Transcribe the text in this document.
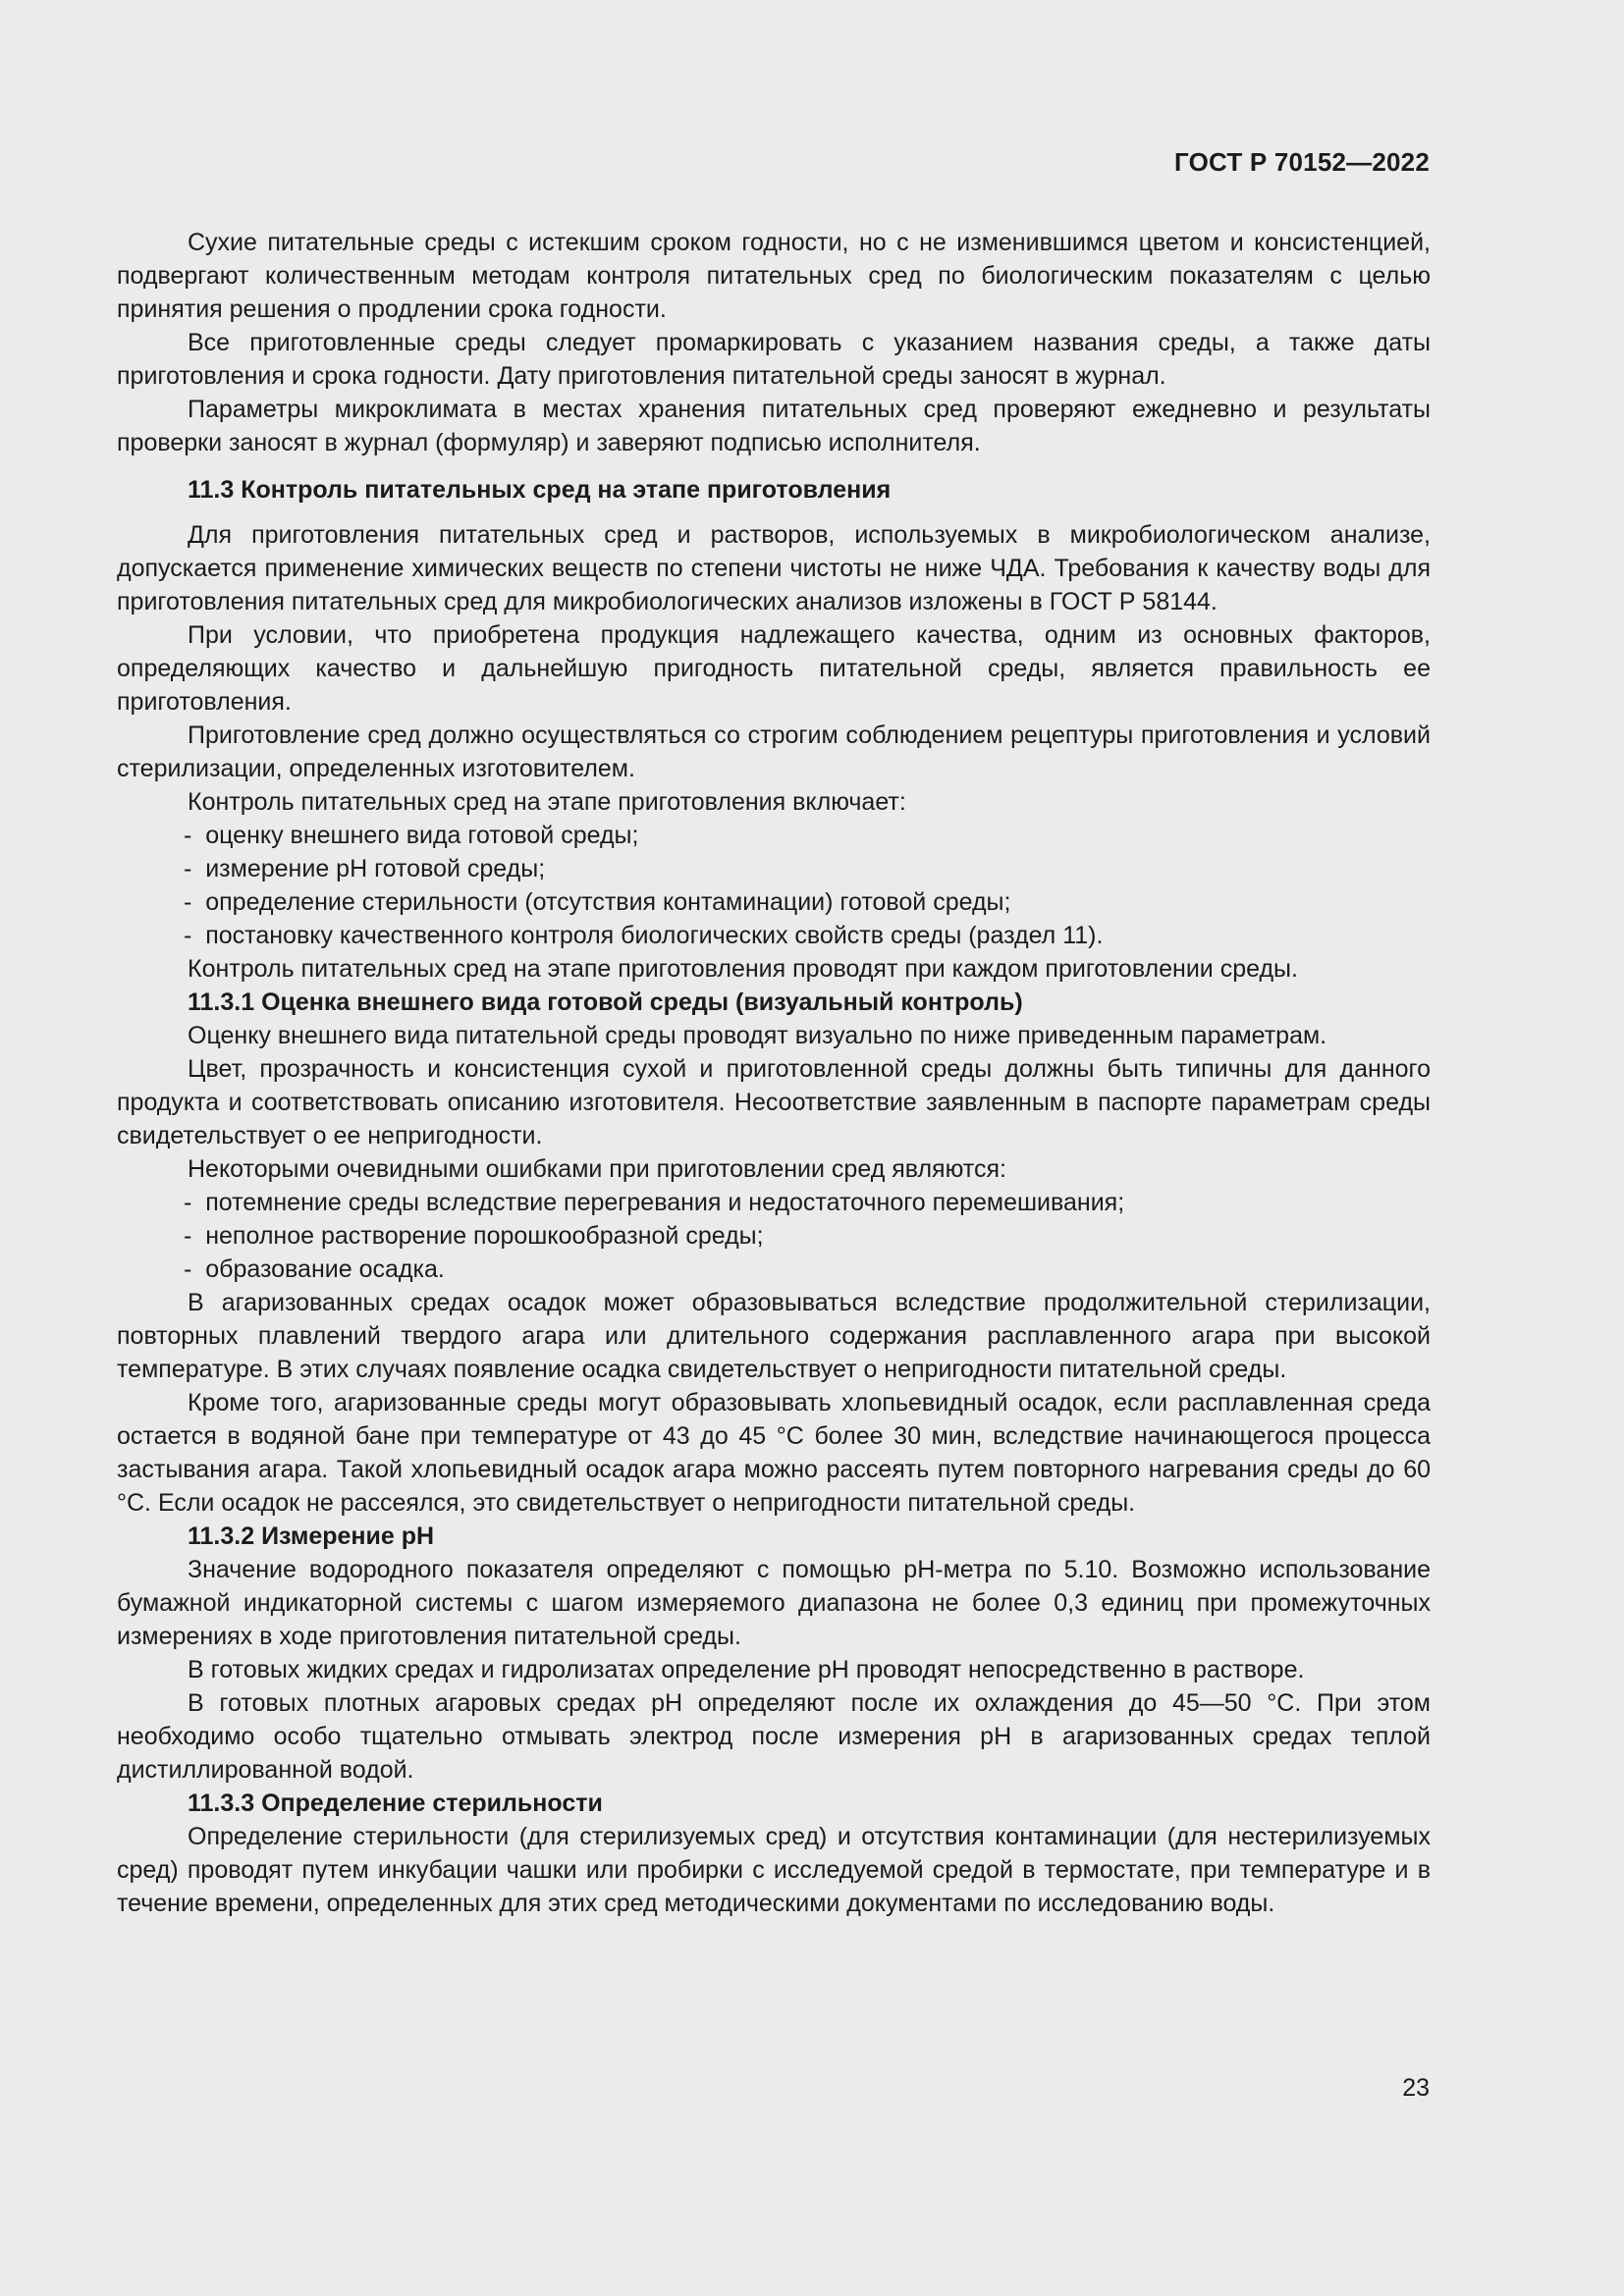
ГОСТ Р 70152—2022

Сухие питательные среды с истекшим сроком годности, но с не изменившимся цветом и консистенцией, подвергают количественным методам контроля питательных сред по биологическим показателям с целью принятия решения о продлении срока годности.

Все приготовленные среды следует промаркировать с указанием названия среды, а также даты приготовления и срока годности. Дату приготовления питательной среды заносят в журнал.

Параметры микроклимата в местах хранения питательных сред проверяют ежедневно и результаты проверки заносят в журнал (формуляр) и заверяют подписью исполнителя.

11.3 Контроль питательных сред на этапе приготовления

Для приготовления питательных сред и растворов, используемых в микробиологическом анализе, допускается применение химических веществ по степени чистоты не ниже ЧДА. Требования к качеству воды для приготовления питательных сред для микробиологических анализов изложены в ГОСТ Р 58144.

При условии, что приобретена продукция надлежащего качества, одним из основных факторов, определяющих качество и дальнейшую пригодность питательной среды, является правильность ее приготовления.

Приготовление сред должно осуществляться со строгим соблюдением рецептуры приготовления и условий стерилизации, определенных изготовителем.

Контроль питательных сред на этапе приготовления включает:

-  оценку внешнего вида готовой среды;

-  измерение pH готовой среды;

-  определение стерильности (отсутствия контаминации) готовой среды;

-  постановку качественного контроля биологических свойств среды (раздел 11).

Контроль питательных сред на этапе приготовления проводят при каждом приготовлении среды.

11.3.1 Оценка внешнего вида готовой среды (визуальный контроль)

Оценку внешнего вида питательной среды проводят визуально по ниже приведенным параметрам.

Цвет, прозрачность и консистенция сухой и приготовленной среды должны быть типичны для данного продукта и соответствовать описанию изготовителя. Несоответствие заявленным в паспорте параметрам среды свидетельствует о ее непригодности.

Некоторыми очевидными ошибками при приготовлении сред являются:

-  потемнение среды вследствие перегревания и недостаточного перемешивания;

-  неполное растворение порошкообразной среды;

-  образование осадка.

В агаризованных средах осадок может образовываться вследствие продолжительной стерилизации, повторных плавлений твердого агара или длительного содержания расплавленного агара при высокой температуре. В этих случаях появление осадка свидетельствует о непригодности питательной среды.

Кроме того, агаризованные среды могут образовывать хлопьевидный осадок, если расплавленная среда остается в водяной бане при температуре от 43 до 45 °С более 30 мин, вследствие начинающегося процесса застывания агара. Такой хлопьевидный осадок агара можно рассеять путем повторного нагревания среды до 60 °С. Если осадок не рассеялся, это свидетельствует о непригодности питательной среды.

11.3.2 Измерение pH

Значение водородного показателя определяют с помощью pH-метра по 5.10. Возможно использование бумажной индикаторной системы с шагом измеряемого диапазона не более 0,3 единиц при промежуточных измерениях в ходе приготовления питательной среды.

В готовых жидких средах и гидролизатах определение pH проводят непосредственно в растворе.

В готовых плотных агаровых средах pH определяют после их охлаждения до 45—50 °С. При этом необходимо особо тщательно отмывать электрод после измерения pH в агаризованных средах теплой дистиллированной водой.

11.3.3 Определение стерильности

Определение стерильности (для стерилизуемых сред) и отсутствия контаминации (для нестерилизуемых сред) проводят путем инкубации чашки или пробирки с исследуемой средой в термостате, при температуре и в течение времени, определенных для этих сред методическими документами по исследованию воды.

23
